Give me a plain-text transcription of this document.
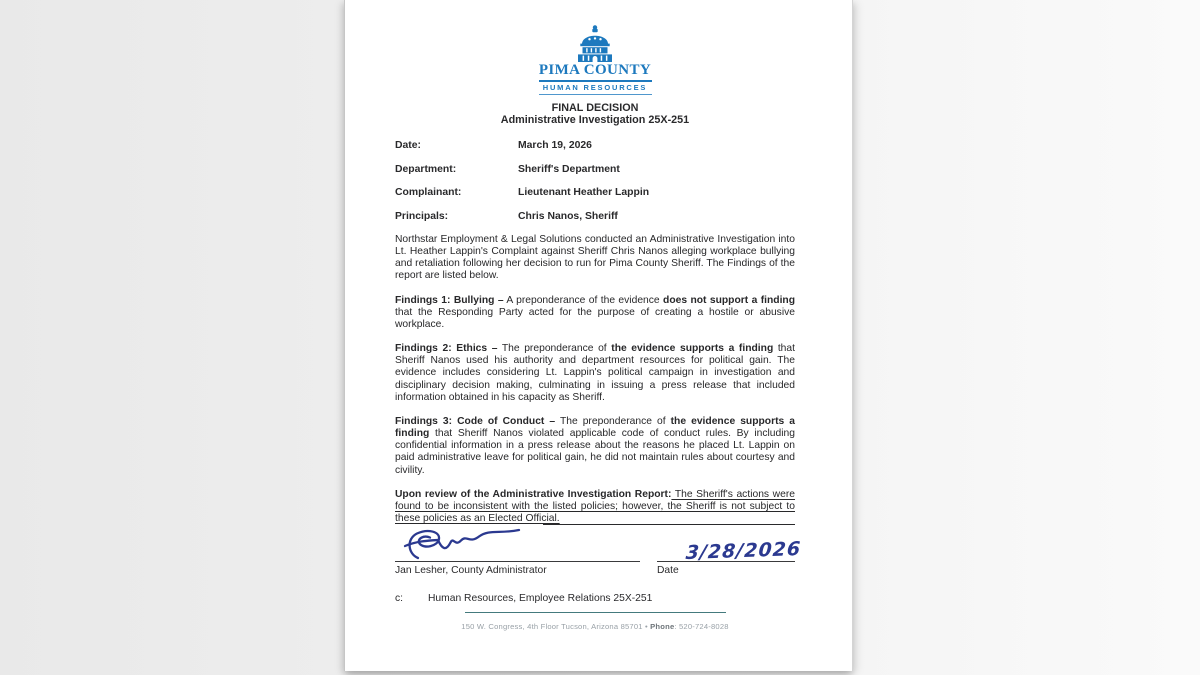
PIMA COUNTY
HUMAN RESOURCES
FINAL DECISION
Administrative Investigation 25X-251
Date:	March 19, 2026
Department:	Sheriff's Department
Complainant:	Lieutenant Heather Lappin
Principals:	Chris Nanos, Sheriff

Northstar Employment & Legal Solutions conducted an Administrative Investigation into Lt. Heather Lappin's Complaint against Sheriff Chris Nanos alleging workplace bullying and retaliation following her decision to run for Pima County Sheriff. The Findings of the report are listed below.

Findings 1: Bullying – A preponderance of the evidence does not support a finding that the Responding Party acted for the purpose of creating a hostile or abusive workplace.

Findings 2: Ethics – The preponderance of the evidence supports a finding that Sheriff Nanos used his authority and department resources for political gain. The evidence includes considering Lt. Lappin's political campaign in investigation and disciplinary decision making, culminating in issuing a press release that included information obtained in his capacity as Sheriff.

Findings 3: Code of Conduct – The preponderance of the evidence supports a finding that Sheriff Nanos violated applicable code of conduct rules. By including confidential information in a press release about the reasons he placed Lt. Lappin on paid administrative leave for political gain, he did not maintain rules about courtesy and civility.

Upon review of the Administrative Investigation Report: The Sheriff's actions were found to be inconsistent with the listed policies; however, the Sheriff is not subject to these policies as an Elected Official.

Jan Lesher, County Administrator
3/28/2026
Date
c:	Human Resources, Employee Relations 25X-251
150 W. Congress, 4th Floor Tucson, Arizona 85701 • Phone: 520-724-8028
